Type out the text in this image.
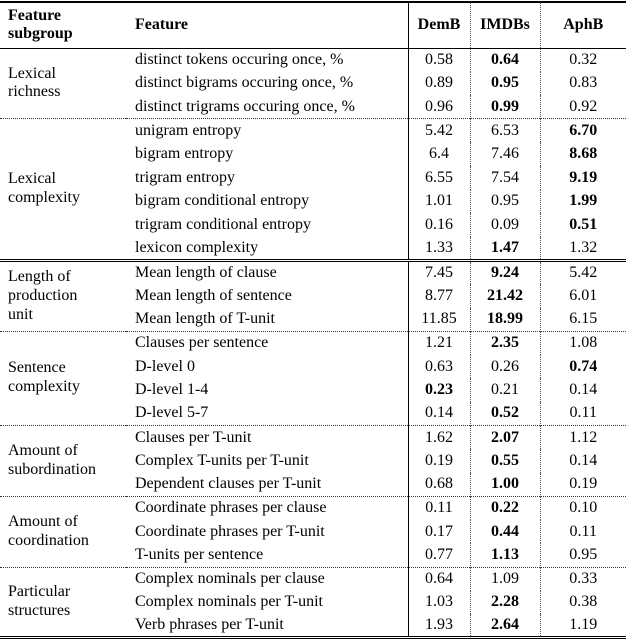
Feature subgroup	Feature	DemB	IMDBs	AphB
Lexical richness	distinct tokens occuring once, %	0.58	0.64	0.32
	distinct bigrams occuring once, %	0.89	0.95	0.83
	distinct trigrams occuring once, %	0.96	0.99	0.92
Lexical complexity	unigram entropy	5.42	6.53	6.70
	bigram entropy	6.4	7.46	8.68
	trigram entropy	6.55	7.54	9.19
	bigram conditional entropy	1.01	0.95	1.99
	trigram conditional entropy	0.16	0.09	0.51
	lexicon complexity	1.33	1.47	1.32
Length of production unit	Mean length of clause	7.45	9.24	5.42
	Mean length of sentence	8.77	21.42	6.01
	Mean length of T-unit	11.85	18.99	6.15
Sentence complexity	Clauses per sentence	1.21	2.35	1.08
	D-level 0	0.63	0.26	0.74
	D-level 1-4	0.23	0.21	0.14
	D-level 5-7	0.14	0.52	0.11
Amount of subordination	Clauses per T-unit	1.62	2.07	1.12
	Complex T-units per T-unit	0.19	0.55	0.14
	Dependent clauses per T-unit	0.68	1.00	0.19
Amount of coordination	Coordinate phrases per clause	0.11	0.22	0.10
	Coordinate phrases per T-unit	0.17	0.44	0.11
	T-units per sentence	0.77	1.13	0.95
Particular structures	Complex nominals per clause	0.64	1.09	0.33
	Complex nominals per T-unit	1.03	2.28	0.38
	Verb phrases per T-unit	1.93	2.64	1.19
